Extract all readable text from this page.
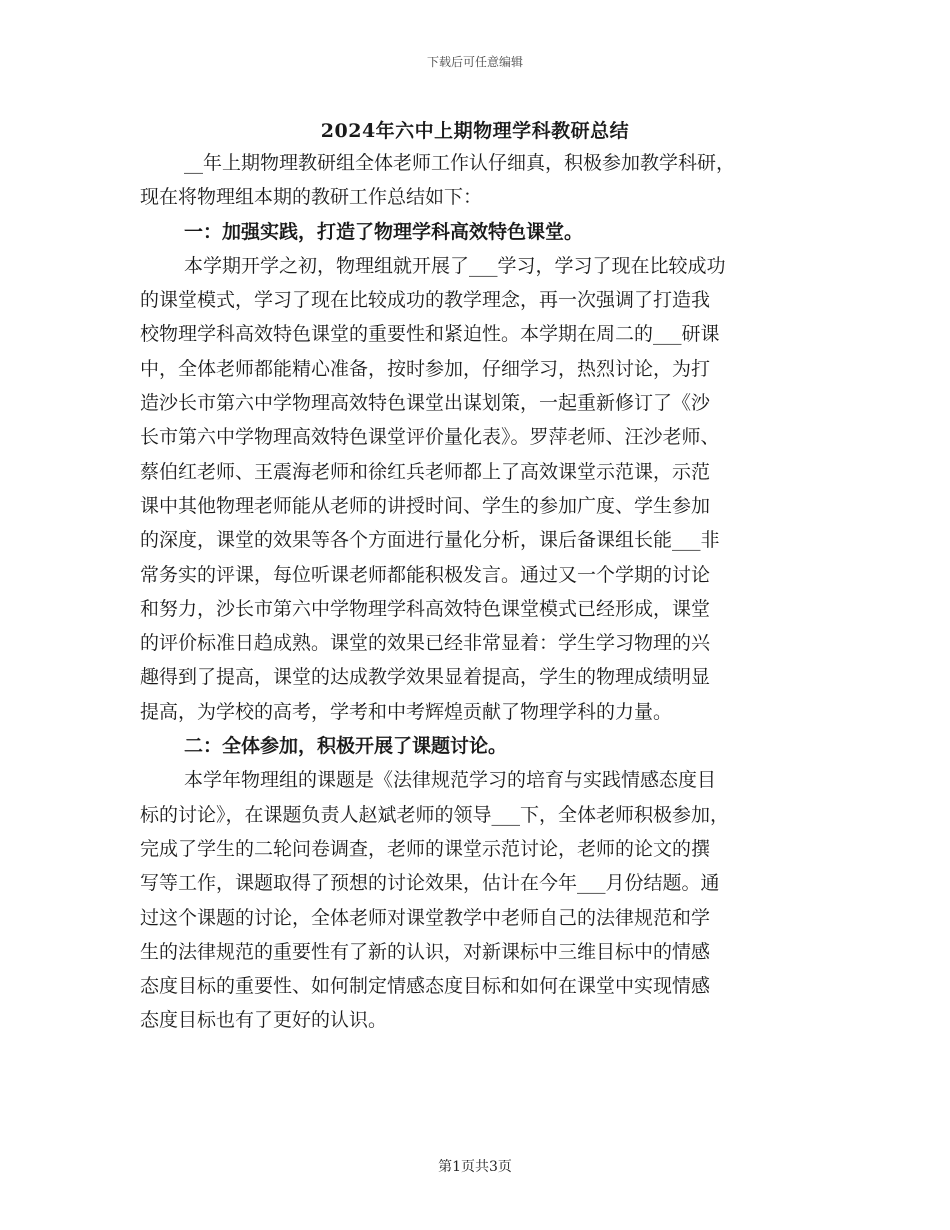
下载后可任意编辑
2024年六中上期物理学科教研总结
__年上期物理教研组全体老师工作认仔细真，积极参加教学科研，
现在将物理组本期的教研工作总结如下：
一：加强实践，打造了物理学科高效特色课堂。
本学期开学之初，物理组就开展了___学习，学习了现在比较成功
的课堂模式，学习了现在比较成功的教学理念，再一次强调了打造我
校物理学科高效特色课堂的重要性和紧迫性。本学期在周二的___研课
中，全体老师都能精心准备，按时参加，仔细学习，热烈讨论，为打
造沙长市第六中学物理高效特色课堂出谋划策，一起重新修订了《沙
长市第六中学物理高效特色课堂评价量化表》。罗萍老师、汪沙老师、
蔡伯红老师、王震海老师和徐红兵老师都上了高效课堂示范课，示范
课中其他物理老师能从老师的讲授时间、学生的参加广度、学生参加
的深度，课堂的效果等各个方面进行量化分析，课后备课组长能___非
常务实的评课，每位听课老师都能积极发言。通过又一个学期的讨论
和努力，沙长市第六中学物理学科高效特色课堂模式已经形成，课堂
的评价标准日趋成熟。课堂的效果已经非常显着：学生学习物理的兴
趣得到了提高，课堂的达成教学效果显着提高，学生的物理成绩明显
提高，为学校的高考，学考和中考辉煌贡献了物理学科的力量。
二：全体参加，积极开展了课题讨论。
本学年物理组的课题是《法律规范学习的培育与实践情感态度目
标的讨论》，在课题负责人赵斌老师的领导___下，全体老师积极参加，
完成了学生的二轮问卷调查，老师的课堂示范讨论，老师的论文的撰
写等工作，课题取得了预想的讨论效果，估计在今年___月份结题。通
过这个课题的讨论，全体老师对课堂教学中老师自己的法律规范和学
生的法律规范的重要性有了新的认识，对新课标中三维目标中的情感
态度目标的重要性、如何制定情感态度目标和如何在课堂中实现情感
态度目标也有了更好的认识。
第1页共3页
